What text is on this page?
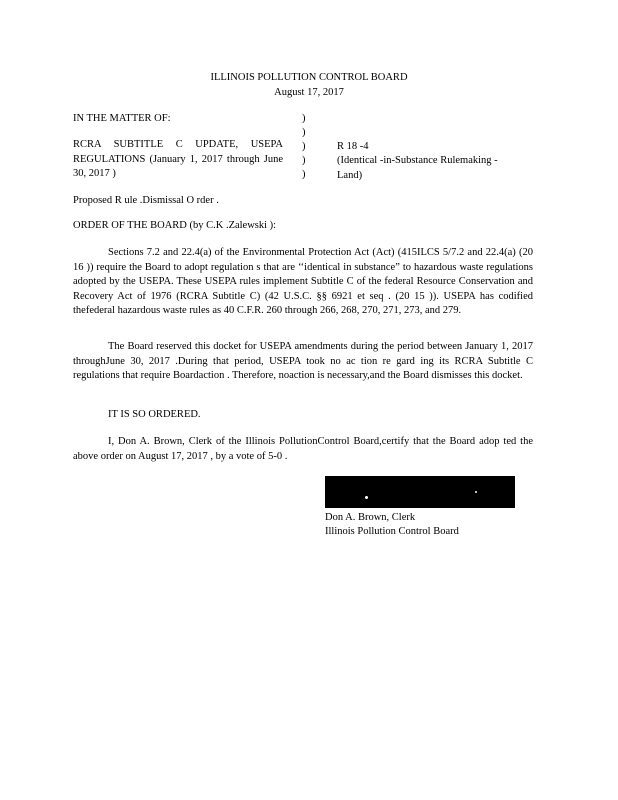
ILLINOIS POLLUTION CONTROL BOARD
August 17, 2017
IN THE MATTER OF:	)
)
)
)
)
RCRA SUBTITLE C UPDATE, USEPA REGULATIONS (January 1, 2017 through June 30, 2017 )
R 18 -4
(Identical -in-Substance Rulemaking - Land)
Proposed R ule .Dismissal O rder .
ORDER OF THE BOARD (by C.K .Zalewski ):
Sections 7.2 and 22.4(a) of the Environmental Protection Act (Act) (415ILCS 5/7.2 and 22.4(a) (20 16 )) require the Board to adopt regulation s that are ‘‘identical in substance” to hazardous waste regulations adopted by the USEPA. These USEPA rules implement Subtitle C of the federal Resource Conservation and Recovery Act of 1976 (RCRA Subtitle C) (42 U.S.C. §§ 6921 et seq . (20 15 )). USEPA has codified thefederal hazardous waste rules as 40 C.F.R. 260 through 266, 268, 270, 271, 273, and 279.
The Board reserved this docket for USEPA amendments during the period between January 1, 2017 throughJune 30, 2017 .During that period, USEPA took no ac tion re gard ing its RCRA Subtitle C regulations that require Boardaction . Therefore, noaction is necessary,and the Board dismisses this docket.
IT IS SO ORDERED.
I, Don A. Brown, Clerk of the Illinois PollutionControl Board,certify that the Board adop ted the above order on August 17, 2017 , by a vote of 5-0 .
Don A. Brown, Clerk
Illinois Pollution Control Board
